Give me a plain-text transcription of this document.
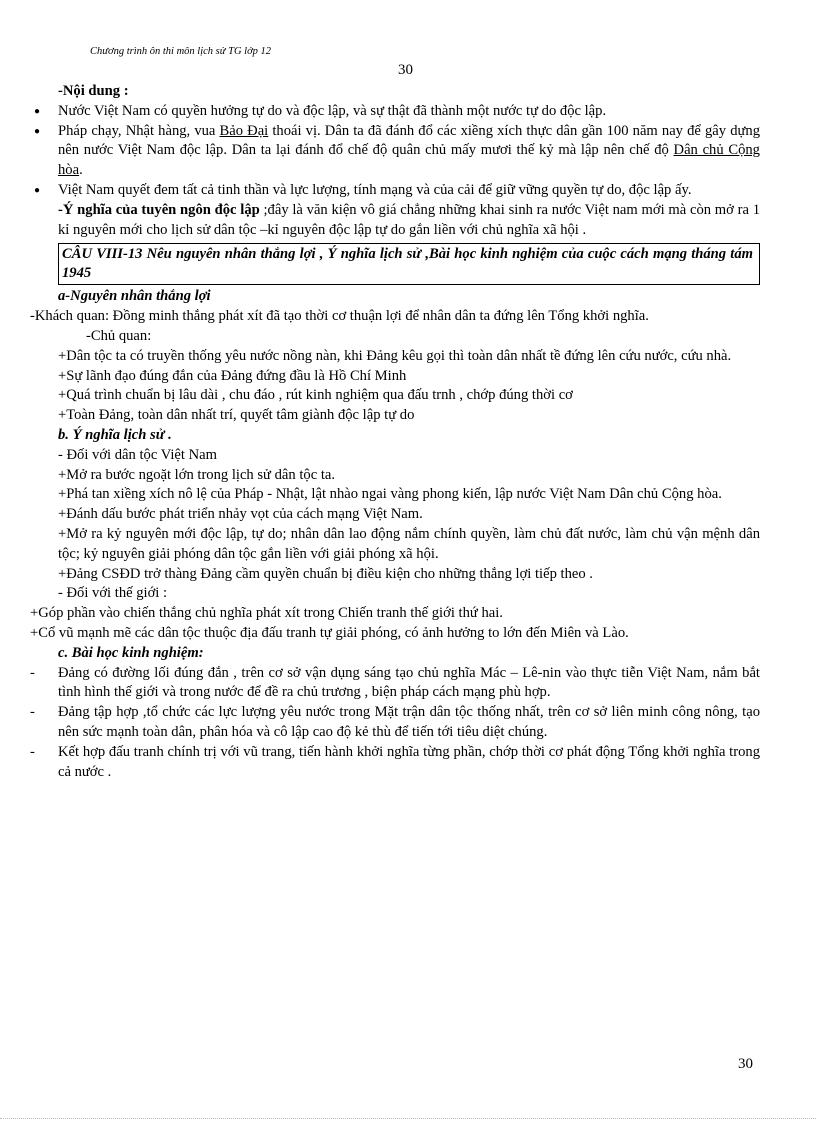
Chương trình ôn thi môn lịch sử TG lớp 12
30

-Nội dung :

● Nước Việt Nam có quyền hưởng tự do và độc lập, và sự thật đã thành một nước tự do độc lập.

● Pháp chạy, Nhật hàng, vua Bảo Đại thoái vị. Dân ta đã đánh đổ các xiềng xích thực dân gần 100 năm nay để gây dựng nên nước Việt Nam độc lập. Dân ta lại đánh đổ chế độ quân chủ mấy mươi thế kỷ mà lập nên chế độ Dân chủ Cộng hòa.

● Việt Nam quyết đem tất cả tinh thần và lực lượng, tính mạng và của cải để giữ vững quyền tự do, độc lập ấy.

-Ý nghĩa của tuyên ngôn độc lập ;đây là văn kiện vô giá chẳng những khai sinh ra nước Việt nam mới mà còn mở ra 1 kỉ nguyên mới cho lịch sử dân tộc –kỉ nguyên độc lập tự do gắn liền với chủ nghĩa xã hội .

CÂU VIII-13 Nêu nguyên nhân thắng lợi , Ý nghĩa lịch sử ,Bài học kinh nghiệm của cuộc cách mạng tháng tám 1945

a-Nguyên nhân thắng lợi

-Khách quan: Đồng minh thắng phát xít đã tạo thời cơ thuận lợi để nhân dân ta đứng lên Tổng khởi nghĩa.

-Chủ quan:

+Dân tộc ta có truyền thống yêu nước nồng nàn, khi Đảng kêu gọi thì toàn dân nhất tề đứng lên cứu nước, cứu nhà.

+Sự lãnh đạo đúng đắn của Đảng đứng đầu là Hồ Chí Minh

+Quá trình chuẩn bị lâu dài , chu đáo , rút kinh nghiệm qua đấu trnh , chớp đúng thời cơ

+Toàn Đảng, toàn dân nhất trí, quyết tâm giành độc lập tự do

b. Ý nghĩa lịch sử .

- Đối với dân tộc Việt Nam

+Mở ra bước ngoặt lớn trong lịch sử dân tộc ta.

+Phá tan xiềng xích nô lệ của Pháp - Nhật, lật nhào ngai vàng phong kiến, lập nước Việt Nam Dân chủ Cộng hòa.

+Đánh dấu bước phát triển nhảy vọt của cách mạng Việt Nam.

+Mở ra kỷ nguyên mới độc lập, tự do; nhân dân lao động nắm chính quyền, làm chủ đất nước, làm chủ vận mệnh dân tộc; kỷ nguyên giải phóng dân tộc gắn liền với giải phóng xã hội.

+Đảng CSĐD trở thàng Đảng cầm quyền chuẩn bị điều kiện cho những thắng lợi tiếp theo .

- Đối với thế giới :

+Góp phần vào chiến thắng chủ nghĩa phát xít trong Chiến tranh thế giới thứ hai.

+Cổ vũ mạnh mẽ các dân tộc thuộc địa đấu tranh tự giải phóng, có ảnh hưởng to lớn đến Miên và Lào.

c. Bài học kinh nghiệm:

- Đảng có đường lối đúng đắn , trên cơ sở vận dụng sáng tạo chủ nghĩa Mác – Lê-nin vào thực tiễn Việt Nam, nắm bắt tình hình thế giới và trong nước để đề ra chủ trương , biện pháp cách mạng phù hợp.
- Đảng tập hợp ,tổ chức các lực lượng yêu nước trong Mặt trận dân tộc thống nhất, trên cơ sở liên minh công nông, tạo nên sức mạnh toàn dân, phân hóa và cô lập cao độ kẻ thù để tiến tới tiêu diệt chúng.
- Kết hợp đấu tranh chính trị với vũ trang, tiến hành khởi nghĩa từng phần, chớp thời cơ phát động Tổng khởi nghĩa trong cả nước .
30
